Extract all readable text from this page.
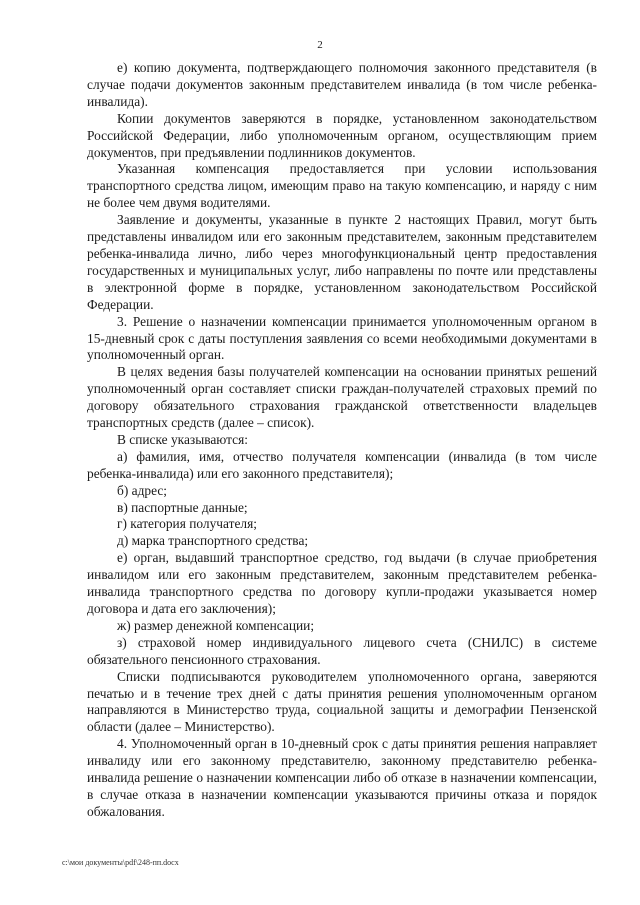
2

е) копию документа, подтверждающего полномочия законного представителя (в случае подачи документов законным представителем инвалида (в том числе ребенка-инвалида).

Копии документов заверяются в порядке, установленном законодательством Российской Федерации, либо уполномоченным органом, осуществляющим прием документов, при предъявлении подлинников документов.

Указанная компенсация предоставляется при условии использования транспортного средства лицом, имеющим право на такую компенсацию, и наряду с ним не более чем двумя водителями.

Заявление и документы, указанные в пункте 2 настоящих Правил, могут быть представлены инвалидом или его законным представителем, законным представителем ребенка-инвалида лично, либо через многофункциональный центр предоставления государственных и муниципальных услуг, либо направлены по почте или представлены в электронной форме в порядке, установленном законодательством Российской Федерации.

3. Решение о назначении компенсации принимается уполномоченным органом в 15-дневный срок с даты поступления заявления со всеми необходимыми документами в уполномоченный орган.

В целях ведения базы получателей компенсации на основании принятых решений уполномоченный орган составляет списки граждан-получателей страховых премий по договору обязательного страхования гражданской ответственности владельцев транспортных средств (далее – список).

В списке указываются:

а) фамилия, имя, отчество получателя компенсации (инвалида (в том числе ребенка-инвалида) или его законного представителя);

б) адрес;

в) паспортные данные;

г) категория получателя;

д) марка транспортного средства;

е) орган, выдавший транспортное средство, год выдачи (в случае приобретения инвалидом или его законным представителем, законным представителем ребенка-инвалида транспортного средства по договору купли-продажи указывается номер договора и дата его заключения);

ж) размер денежной компенсации;

з) страховой номер индивидуального лицевого счета (СНИЛС) в системе обязательного пенсионного страхования.

Списки подписываются руководителем уполномоченного органа, заверяются печатью и в течение трех дней с даты принятия решения уполномоченным органом направляются в Министерство труда, социальной защиты и демографии Пензенской области (далее – Министерство).

4. Уполномоченный орган в 10-дневный срок с даты принятия решения направляет инвалиду или его законному представителю, законному представителю ребенка-инвалида решение о назначении компенсации либо об отказе в назначении компенсации, в случае отказа в назначении компенсации указываются причины отказа и порядок обжалования.

c:\мои документы\pdf\248-пп.docx
